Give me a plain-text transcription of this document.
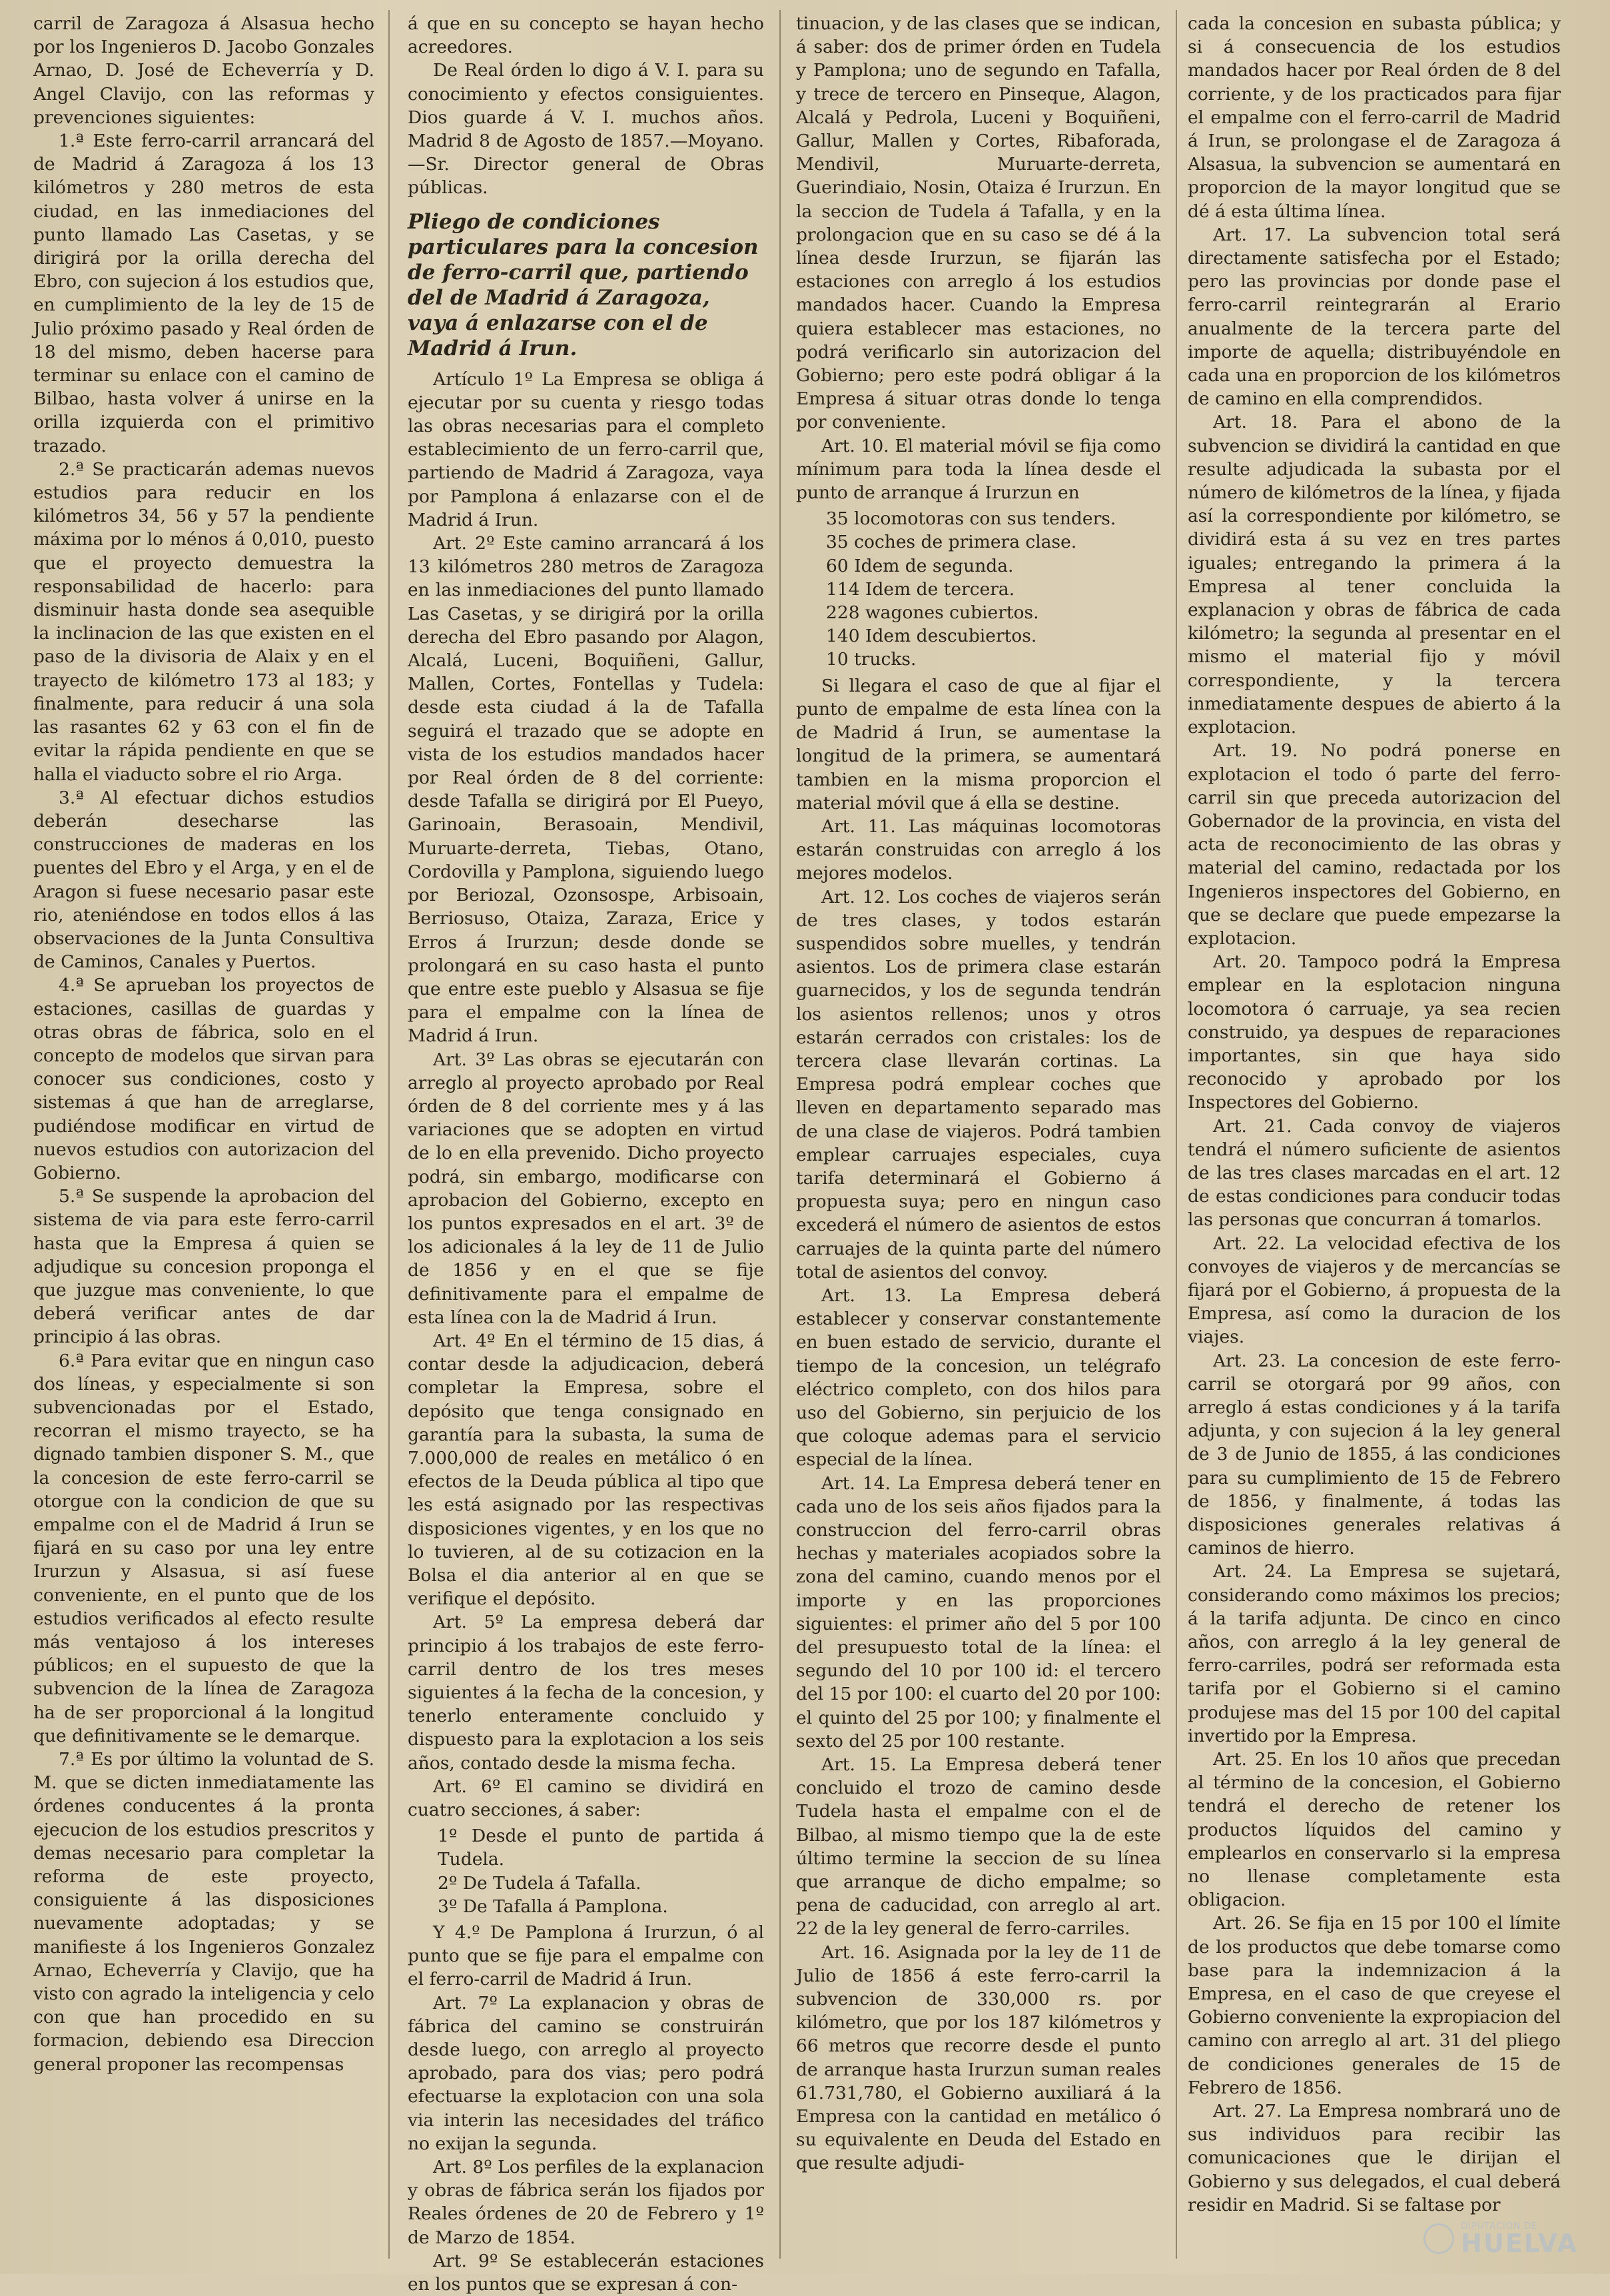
carril de Zaragoza á Alsasua hecho por los Ingenieros D. Jacobo Gonzales Arnao, D. José de Echeverría y D. Angel Clavijo, con las reformas y prevenciones siguientes:

1.ª Este ferro-carril arrancará del de Madrid á Zaragoza á los 13 kilómetros y 280 metros de esta ciudad, en las inmediaciones del punto llamado Las Casetas, y se dirigirá por la orilla derecha del Ebro, con sujecion á los estudios que, en cumplimiento de la ley de 15 de Julio próximo pasado y Real órden de 18 del mismo, deben hacerse para terminar su enlace con el camino de Bilbao, hasta volver á unirse en la orilla izquierda con el primitivo trazado.

2.ª Se practicarán ademas nuevos estudios para reducir en los kilómetros 34, 56 y 57 la pendiente máxima por lo ménos á 0,010, puesto que el proyecto demuestra la responsabilidad de hacerlo: para disminuir hasta donde sea asequible la inclinacion de las que existen en el paso de la divisoria de Alaix y en el trayecto de kilómetro 173 al 183; y finalmente, para reducir á una sola las rasantes 62 y 63 con el fin de evitar la rápida pendiente en que se halla el viaducto sobre el rio Arga.

3.ª Al efectuar dichos estudios deberán desecharse las construcciones de maderas en los puentes del Ebro y el Arga, y en el de Aragon si fuese necesario pasar este rio, ateniéndose en todos ellos á las observaciones de la Junta Consultiva de Caminos, Canales y Puertos.

4.ª Se aprueban los proyectos de estaciones, casillas de guardas y otras obras de fábrica, solo en el concepto de modelos que sirvan para conocer sus condiciones, costo y sistemas á que han de arreglarse, pudiéndose modificar en virtud de nuevos estudios con autorizacion del Gobierno.

5.ª Se suspende la aprobacion del sistema de via para este ferro-carril hasta que la Empresa á quien se adjudique su concesion proponga el que juzgue mas conveniente, lo que deberá verificar antes de dar principio á las obras.

6.ª Para evitar que en ningun caso dos líneas, y especialmente si son subvencionadas por el Estado, recorran el mismo trayecto, se ha dignado tambien disponer S. M., que la concesion de este ferro-carril se otorgue con la condicion de que su empalme con el de Madrid á Irun se fijará en su caso por una ley entre Irurzun y Alsasua, si así fuese conveniente, en el punto que de los estudios verificados al efecto resulte más ventajoso á los intereses públicos; en el supuesto de que la subvencion de la línea de Zaragoza ha de ser proporcional á la longitud que definitivamente se le demarque.

7.ª Es por último la voluntad de S. M. que se dicten inmediatamente las órdenes conducentes á la pronta ejecucion de los estudios prescritos y demas necesario para completar la reforma de este proyecto, consiguiente á las disposiciones nuevamente adoptadas; y se manifieste á los Ingenieros Gonzalez Arnao, Echeverría y Clavijo, que ha visto con agrado la inteligencia y celo con que han procedido en su formacion, debiendo esa Direccion general proponer las recompensas

á que en su concepto se hayan hecho acreedores.

De Real órden lo digo á V. I. para su conocimiento y efectos consiguientes. Dios guarde á V. I. muchos años. Madrid 8 de Agosto de 1857.—Moyano.—Sr. Director general de Obras públicas.

Pliego de condiciones particulares para la concesion de ferro-carril que, partiendo del de Madrid á Zaragoza, vaya á enlazarse con el de Madrid á Irun.

Artículo 1º La Empresa se obliga á ejecutar por su cuenta y riesgo todas las obras necesarias para el completo establecimiento de un ferro-carril que, partiendo de Madrid á Zaragoza, vaya por Pamplona á enlazarse con el de Madrid á Irun.

Art. 2º Este camino arrancará á los 13 kilómetros 280 metros de Zaragoza en las inmediaciones del punto llamado Las Casetas, y se dirigirá por la orilla derecha del Ebro pasando por Alagon, Alcalá, Luceni, Boquiñeni, Gallur, Mallen, Cortes, Fontellas y Tudela: desde esta ciudad á la de Tafalla seguirá el trazado que se adopte en vista de los estudios mandados hacer por Real órden de 8 del corriente: desde Tafalla se dirigirá por El Pueyo, Garinoain, Berasoain, Mendivil, Muruarte-derreta, Tiebas, Otano, Cordovilla y Pamplona, siguiendo luego por Beriozal, Ozonsospe, Arbisoain, Berriosuso, Otaiza, Zaraza, Erice y Erros á Irurzun; desde donde se prolongará en su caso hasta el punto que entre este pueblo y Alsasua se fije para el empalme con la línea de Madrid á Irun.

Art. 3º Las obras se ejecutarán con arreglo al proyecto aprobado por Real órden de 8 del corriente mes y á las variaciones que se adopten en virtud de lo en ella prevenido. Dicho proyecto podrá, sin embargo, modificarse con aprobacion del Gobierno, excepto en los puntos expresados en el art. 3º de los adicionales á la ley de 11 de Julio de 1856 y en el que se fije definitivamente para el empalme de esta línea con la de Madrid á Irun.

Art. 4º En el término de 15 dias, á contar desde la adjudicacion, deberá completar la Empresa, sobre el depósito que tenga consignado en garantía para la subasta, la suma de 7.000,000 de reales en metálico ó en efectos de la Deuda pública al tipo que les está asignado por las respectivas disposiciones vigentes, y en los que no lo tuvieren, al de su cotizacion en la Bolsa el dia anterior al en que se verifique el depósito.

Art. 5º La empresa deberá dar principio á los trabajos de este ferro-carril dentro de los tres meses siguientes á la fecha de la concesion, y tenerlo enteramente concluido y dispuesto para la explotacion a los seis años, contado desde la misma fecha.

Art. 6º El camino se dividirá en cuatro secciones, á saber:

1º Desde el punto de partida á Tudela.

2º De Tudela á Tafalla.

3º De Tafalla á Pamplona.

Y 4.º De Pamplona á Irurzun, ó al punto que se fije para el empalme con el ferro-carril de Madrid á Irun.

Art. 7º La explanacion y obras de fábrica del camino se construirán desde luego, con arreglo al proyecto aprobado, para dos vias; pero podrá efectuarse la explotacion con una sola via interin las necesidades del tráfico no exijan la segunda.

Art. 8º Los perfiles de la explanacion y obras de fábrica serán los fijados por Reales órdenes de 20 de Febrero y 1º de Marzo de 1854.

Art. 9º Se establecerán estaciones en los puntos que se expresan á con-

tinuacion, y de las clases que se indican, á saber: dos de primer órden en Tudela y Pamplona; uno de segundo en Tafalla, y trece de tercero en Pinseque, Alagon, Alcalá y Pedrola, Luceni y Boquiñeni, Gallur, Mallen y Cortes, Ribaforada, Mendivil, Muruarte-derreta, Guerindiaio, Nosin, Otaiza é Irurzun. En la seccion de Tudela á Tafalla, y en la prolongacion que en su caso se dé á la línea desde Irurzun, se fijarán las estaciones con arreglo á los estudios mandados hacer. Cuando la Empresa quiera establecer mas estaciones, no podrá verificarlo sin autorizacion del Gobierno; pero este podrá obligar á la Empresa á situar otras donde lo tenga por conveniente.

Art. 10. El material móvil se fija como mínimum para toda la línea desde el punto de arranque á Irurzun en

35 locomotoras con sus tenders.

35 coches de primera clase.

60 Idem de segunda.

114 Idem de tercera.

228 wagones cubiertos.

140 Idem descubiertos.

10 trucks.

Si llegara el caso de que al fijar el punto de empalme de esta línea con la de Madrid á Irun, se aumentase la longitud de la primera, se aumentará tambien en la misma proporcion el material móvil que á ella se destine.

Art. 11. Las máquinas locomotoras estarán construidas con arreglo á los mejores modelos.

Art. 12. Los coches de viajeros serán de tres clases, y todos estarán suspendidos sobre muelles, y tendrán asientos. Los de primera clase estarán guarnecidos, y los de segunda tendrán los asientos rellenos; unos y otros estarán cerrados con cristales: los de tercera clase llevarán cortinas. La Empresa podrá emplear coches que lleven en departamento separado mas de una clase de viajeros. Podrá tambien emplear carruajes especiales, cuya tarifa determinará el Gobierno á propuesta suya; pero en ningun caso excederá el número de asientos de estos carruajes de la quinta parte del número total de asientos del convoy.

Art. 13. La Empresa deberá establecer y conservar constantemente en buen estado de servicio, durante el tiempo de la concesion, un telégrafo eléctrico completo, con dos hilos para uso del Gobierno, sin perjuicio de los que coloque ademas para el servicio especial de la línea.

Art. 14. La Empresa deberá tener en cada uno de los seis años fijados para la construccion del ferro-carril obras hechas y materiales acopiados sobre la zona del camino, cuando menos por el importe y en las proporciones siguientes: el primer año del 5 por 100 del presupuesto total de la línea: el segundo del 10 por 100 id: el tercero del 15 por 100: el cuarto del 20 por 100: el quinto del 25 por 100; y finalmente el sexto del 25 por 100 restante.

Art. 15. La Empresa deberá tener concluido el trozo de camino desde Tudela hasta el empalme con el de Bilbao, al mismo tiempo que la de este último termine la seccion de su línea que arranque de dicho empalme; so pena de caducidad, con arreglo al art. 22 de la ley general de ferro-carriles.

Art. 16. Asignada por la ley de 11 de Julio de 1856 á este ferro-carril la subvencion de 330,000 rs. por kilómetro, que por los 187 kilómetros y 66 metros que recorre desde el punto de arranque hasta Irurzun suman reales 61.731,780, el Gobierno auxiliará á la Empresa con la cantidad en metálico ó su equivalente en Deuda del Estado en que resulte adjudi-

cada la concesion en subasta pública; y si á consecuencia de los estudios mandados hacer por Real órden de 8 del corriente, y de los practicados para fijar el empalme con el ferro-carril de Madrid á Irun, se prolongase el de Zaragoza á Alsasua, la subvencion se aumentará en proporcion de la mayor longitud que se dé á esta última línea.

Art. 17. La subvencion total será directamente satisfecha por el Estado; pero las provincias por donde pase el ferro-carril reintegrarán al Erario anualmente de la tercera parte del importe de aquella; distribuyéndole en cada una en proporcion de los kilómetros de camino en ella comprendidos.

Art. 18. Para el abono de la subvencion se dividirá la cantidad en que resulte adjudicada la subasta por el número de kilómetros de la línea, y fijada así la correspondiente por kilómetro, se dividirá esta á su vez en tres partes iguales; entregando la primera á la Empresa al tener concluida la explanacion y obras de fábrica de cada kilómetro; la segunda al presentar en el mismo el material fijo y móvil correspondiente, y la tercera inmediatamente despues de abierto á la explotacion.

Art. 19. No podrá ponerse en explotacion el todo ó parte del ferro-carril sin que preceda autorizacion del Gobernador de la provincia, en vista del acta de reconocimiento de las obras y material del camino, redactada por los Ingenieros inspectores del Gobierno, en que se declare que puede empezarse la explotacion.

Art. 20. Tampoco podrá la Empresa emplear en la esplotacion ninguna locomotora ó carruaje, ya sea recien construido, ya despues de reparaciones importantes, sin que haya sido reconocido y aprobado por los Inspectores del Gobierno.

Art. 21. Cada convoy de viajeros tendrá el número suficiente de asientos de las tres clases marcadas en el art. 12 de estas condiciones para conducir todas las personas que concurran á tomarlos.

Art. 22. La velocidad efectiva de los convoyes de viajeros y de mercancías se fijará por el Gobierno, á propuesta de la Empresa, así como la duracion de los viajes.

Art. 23. La concesion de este ferro-carril se otorgará por 99 años, con arreglo á estas condiciones y á la tarifa adjunta, y con sujecion á la ley general de 3 de Junio de 1855, á las condiciones para su cumplimiento de 15 de Febrero de 1856, y finalmente, á todas las disposiciones generales relativas á caminos de hierro.

Art. 24. La Empresa se sujetará, considerando como máximos los precios; á la tarifa adjunta. De cinco en cinco años, con arreglo á la ley general de ferro-carriles, podrá ser reformada esta tarifa por el Gobierno si el camino produjese mas del 15 por 100 del capital invertido por la Empresa.

Art. 25. En los 10 años que precedan al término de la concesion, el Gobierno tendrá el derecho de retener los productos líquidos del camino y emplearlos en conservarlo si la empresa no llenase completamente esta obligacion.

Art. 26. Se fija en 15 por 100 el límite de los productos que debe tomarse como base para la indemnizacion á la Empresa, en el caso de que creyese el Gobierno conveniente la expropiacion del camino con arreglo al art. 31 del pliego de condiciones generales de 15 de Febrero de 1856.

Art. 27. La Empresa nombrará uno de sus individuos para recibir las comunicaciones que le dirijan el Gobierno y sus delegados, el cual deberá residir en Madrid. Si se faltase por

DIPUTACIÓN DE
HUELVA
